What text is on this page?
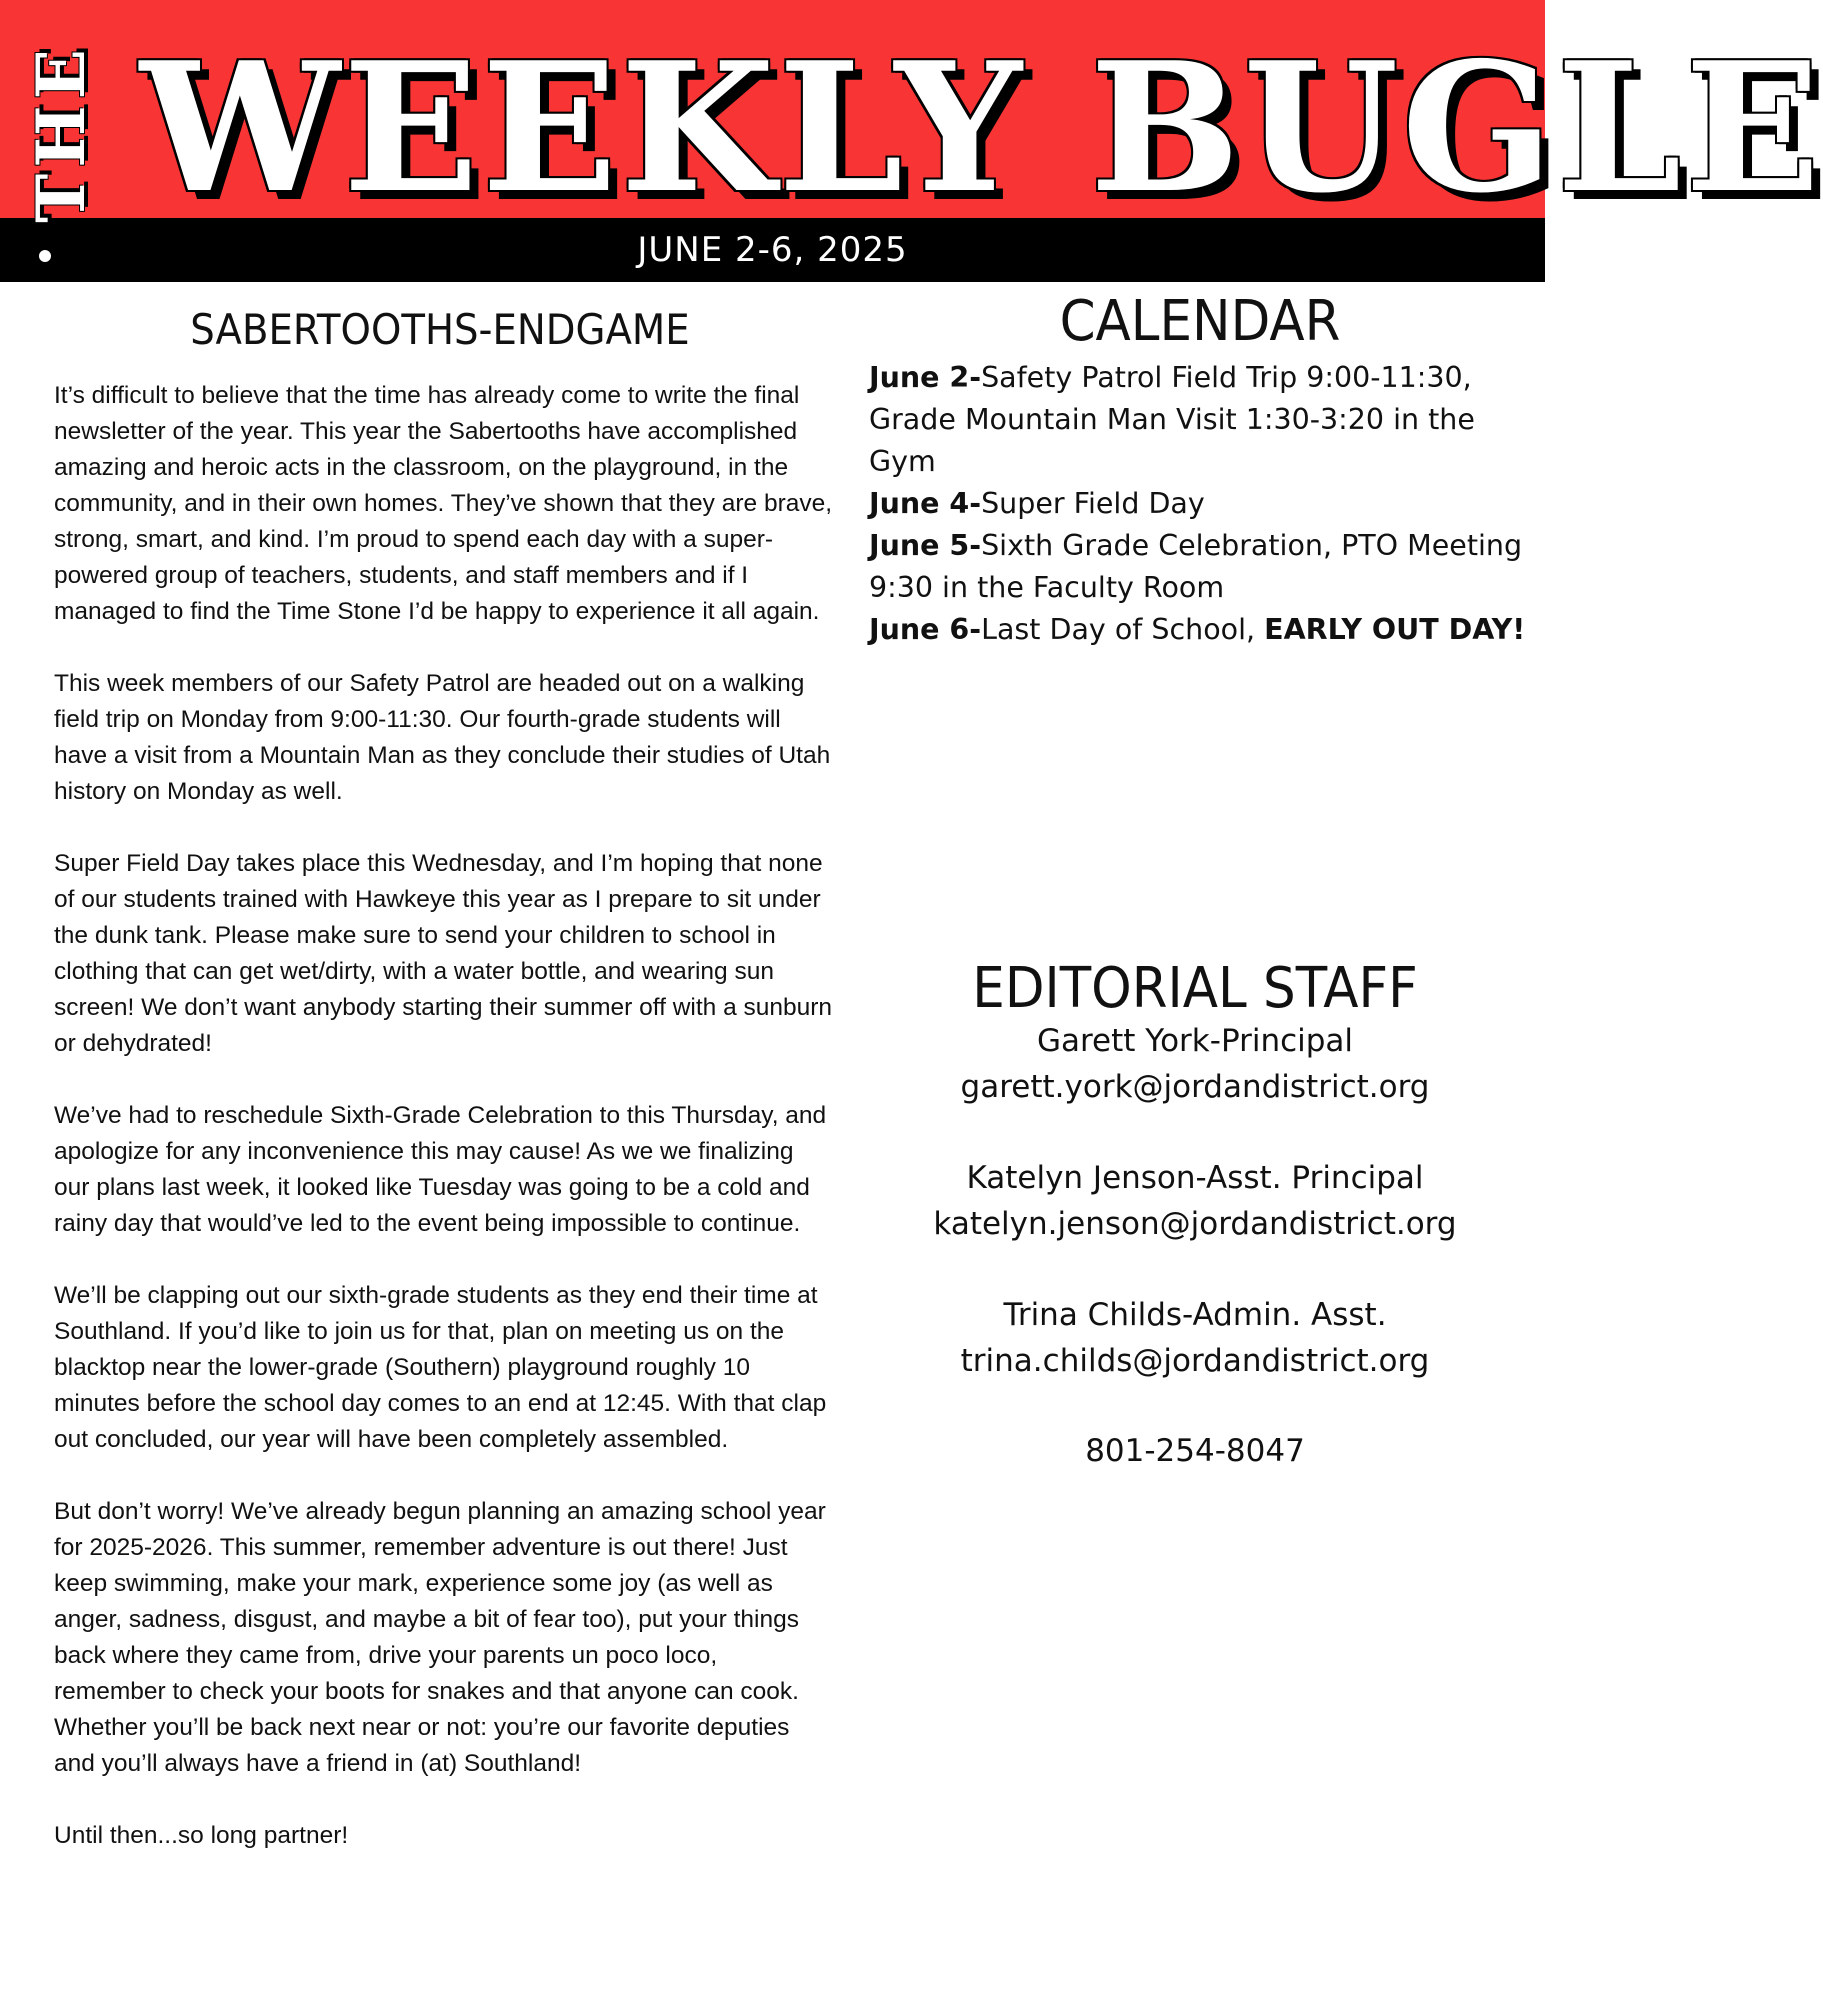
THE WEEKLY BUGLE
JUNE 2-6, 2025
SABERTOOTHS-ENDGAME

It’s difficult to believe that the time has already come to write the final newsletter of the year. This year the Sabertooths have accomplished amazing and heroic acts in the classroom, on the playground, in the community, and in their own homes. They’ve shown that they are brave, strong, smart, and kind. I’m proud to spend each day with a super-powered group of teachers, students, and staff members and if I managed to find the Time Stone I’d be happy to experience it all again.

This week members of our Safety Patrol are headed out on a walking field trip on Monday from 9:00-11:30. Our fourth-grade students will have a visit from a Mountain Man as they conclude their studies of Utah history on Monday as well.

Super Field Day takes place this Wednesday, and I’m hoping that none of our students trained with Hawkeye this year as I prepare to sit under the dunk tank. Please make sure to send your children to school in clothing that can get wet/dirty, with a water bottle, and wearing sun screen! We don’t want anybody starting their summer off with a sunburn or dehydrated!

We’ve had to reschedule Sixth-Grade Celebration to this Thursday, and apologize for any inconvenience this may cause! As we we finalizing our plans last week, it looked like Tuesday was going to be a cold and rainy day that would’ve led to the event being impossible to continue.

We’ll be clapping out our sixth-grade students as they end their time at Southland. If you’d like to join us for that, plan on meeting us on the blacktop near the lower-grade (Southern) playground roughly 10 minutes before the school day comes to an end at 12:45. With that clap out concluded, our year will have been completely assembled.

But don’t worry! We’ve already begun planning an amazing school year for 2025-2026. This summer, remember adventure is out there! Just keep swimming, make your mark, experience some joy (as well as anger, sadness, disgust, and maybe a bit of fear too), put your things back where they came from, drive your parents un poco loco, remember to check your boots for snakes and that anyone can cook. Whether you’ll be back next near or not: you’re our favorite deputies and you’ll always have a friend in (at) Southland!

Until then...so long partner!

CALENDAR
June 2-Safety Patrol Field Trip 9:00-11:30, Grade Mountain Man Visit 1:30-3:20 in the Gym
June 4-Super Field Day
June 5-Sixth Grade Celebration, PTO Meeting 9:30 in the Faculty Room
June 6-Last Day of School, EARLY OUT DAY!
EDITORIAL STAFF
Garett York-Principal
garett.york@jordandistrict.org
Katelyn Jenson-Asst. Principal
katelyn.jenson@jordandistrict.org
Trina Childs-Admin. Asst.
trina.childs@jordandistrict.org
801-254-8047
